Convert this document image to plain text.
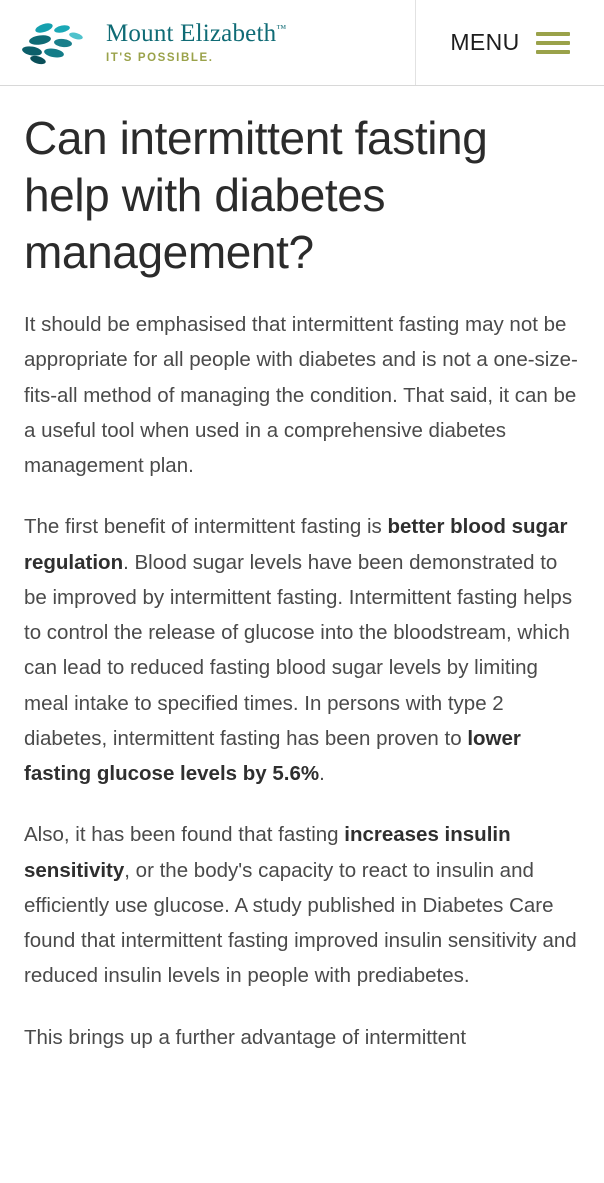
Mount Elizabeth™
IT'S POSSIBLE.
MENU
Can intermittent fasting help with diabetes management?

It should be emphasised that intermittent fasting may not be appropriate for all people with diabetes and is not a one-size-fits-all method of managing the condition. That said, it can be a useful tool when used in a comprehensive diabetes management plan.

The first benefit of intermittent fasting is better blood sugar regulation. Blood sugar levels have been demonstrated to be improved by intermittent fasting. Intermittent fasting helps to control the release of glucose into the bloodstream, which can lead to reduced fasting blood sugar levels by limiting meal intake to specified times. In persons with type 2 diabetes, intermittent fasting has been proven to lower fasting glucose levels by 5.6%.

Also, it has been found that fasting increases insulin sensitivity, or the body's capacity to react to insulin and efficiently use glucose. A study published in Diabetes Care found that intermittent fasting improved insulin sensitivity and reduced insulin levels in people with prediabetes.

This brings up a further advantage of intermittent
